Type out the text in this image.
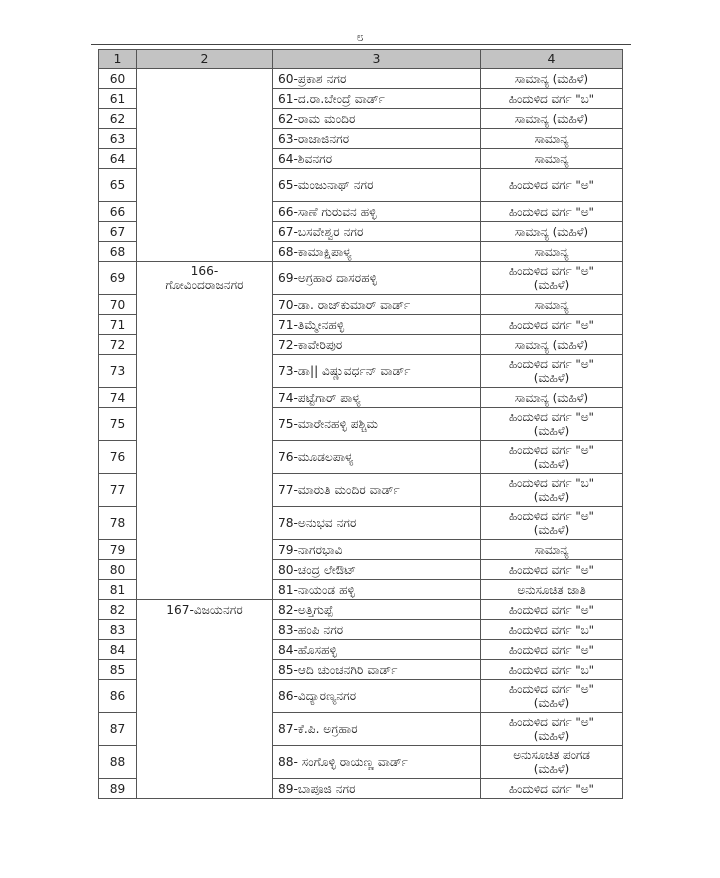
೮
1	2	3	4
60		60-ಪ್ರಕಾಶ ನಗರ	ಸಾಮಾನ್ಯ (ಮಹಿಳೆ)
61		61-ದ.ರಾ.ಬೇಂದ್ರೆ ವಾರ್ಡ್	ಹಿಂದುಳಿದ ವರ್ಗ "ಬ"
62		62-ರಾಮ ಮಂದಿರ	ಸಾಮಾನ್ಯ (ಮಹಿಳೆ)
63		63-ರಾಜಾಜಿನಗರ	ಸಾಮಾನ್ಯ
64		64-ಶಿವನಗರ	ಸಾಮಾನ್ಯ
65		65-ಮಂಜುನಾಥ್ ನಗರ	ಹಿಂದುಳಿದ ವರ್ಗ "ಅ"
66		66-ಸಾಣೆ ಗುರುವನ ಹಳ್ಳಿ	ಹಿಂದುಳಿದ ವರ್ಗ "ಅ"
67		67-ಬಸವೇಶ್ವರ ನಗರ	ಸಾಮಾನ್ಯ (ಮಹಿಳೆ)
68		68-ಕಾಮಾಕ್ಷಿಪಾಳ್ಯ	ಸಾಮಾನ್ಯ
69	166-
ಗೋವಿಂದರಾಜನಗರ	69-ಅಗ್ರಹಾರ ದಾಸರಹಳ್ಳಿ	ಹಿಂದುಳಿದ ವರ್ಗ "ಅ"
(ಮಹಿಳೆ)
70		70-ಡಾ. ರಾಜ್‌ಕುಮಾರ್ ವಾರ್ಡ್	ಸಾಮಾನ್ಯ
71		71-ತಿಮ್ಮೇನಹಳ್ಳಿ	ಹಿಂದುಳಿದ ವರ್ಗ "ಅ"
72		72-ಕಾವೇರಿಪುರ	ಸಾಮಾನ್ಯ (ಮಹಿಳೆ)
73		73-ಡಾ|| ವಿಷ್ಣುವರ್ಧನ್ ವಾರ್ಡ್	ಹಿಂದುಳಿದ ವರ್ಗ "ಅ"
(ಮಹಿಳೆ)
74		74-ಪಟ್ಟೆಗಾರ್ ಪಾಳ್ಯ	ಸಾಮಾನ್ಯ (ಮಹಿಳೆ)
75		75-ಮಾರೇನಹಳ್ಳಿ ಪಶ್ಚಿಮ	ಹಿಂದುಳಿದ ವರ್ಗ "ಅ"
(ಮಹಿಳೆ)
76		76-ಮೂಡಲಪಾಳ್ಯ	ಹಿಂದುಳಿದ ವರ್ಗ "ಅ"
(ಮಹಿಳೆ)
77		77-ಮಾರುತಿ ಮಂದಿರ ವಾರ್ಡ್	ಹಿಂದುಳಿದ ವರ್ಗ "ಬ"
(ಮಹಿಳೆ)
78		78-ಅನುಭವ ನಗರ	ಹಿಂದುಳಿದ ವರ್ಗ "ಅ"
(ಮಹಿಳೆ)
79		79-ನಾಗರಭಾವಿ	ಸಾಮಾನ್ಯ
80		80-ಚಂದ್ರ ಲೇಔಟ್	ಹಿಂದುಳಿದ ವರ್ಗ "ಅ"
81		81-ನಾಯಂಡ ಹಳ್ಳಿ	ಅನುಸೂಚಿತ ಜಾತಿ
82	167-ವಿಜಯನಗರ	82-ಅತ್ತಿಗುಪ್ಪೆ	ಹಿಂದುಳಿದ ವರ್ಗ "ಅ"
83		83-ಹಂಪಿ ನಗರ	ಹಿಂದುಳಿದ ವರ್ಗ "ಬ"
84		84-ಹೊಸಹಳ್ಳಿ	ಹಿಂದುಳಿದ ವರ್ಗ "ಅ"
85		85-ಆದಿ ಚುಂಚನಗಿರಿ ವಾರ್ಡ್	ಹಿಂದುಳಿದ ವರ್ಗ "ಬ"
86		86-ವಿದ್ಯಾರಣ್ಯನಗರ	ಹಿಂದುಳಿದ ವರ್ಗ "ಅ"
(ಮಹಿಳೆ)
87		87-ಕೆ.ಪಿ. ಅಗ್ರಹಾರ	ಹಿಂದುಳಿದ ವರ್ಗ "ಅ"
(ಮಹಿಳೆ)
88		88- ಸಂಗೊಳ್ಳಿ ರಾಯಣ್ಣ ವಾರ್ಡ್	ಅನುಸೂಚಿತ ಪಂಗಡ
(ಮಹಿಳೆ)
89		89-ಬಾಪೂಜಿ ನಗರ	ಹಿಂದುಳಿದ ವರ್ಗ "ಅ"
